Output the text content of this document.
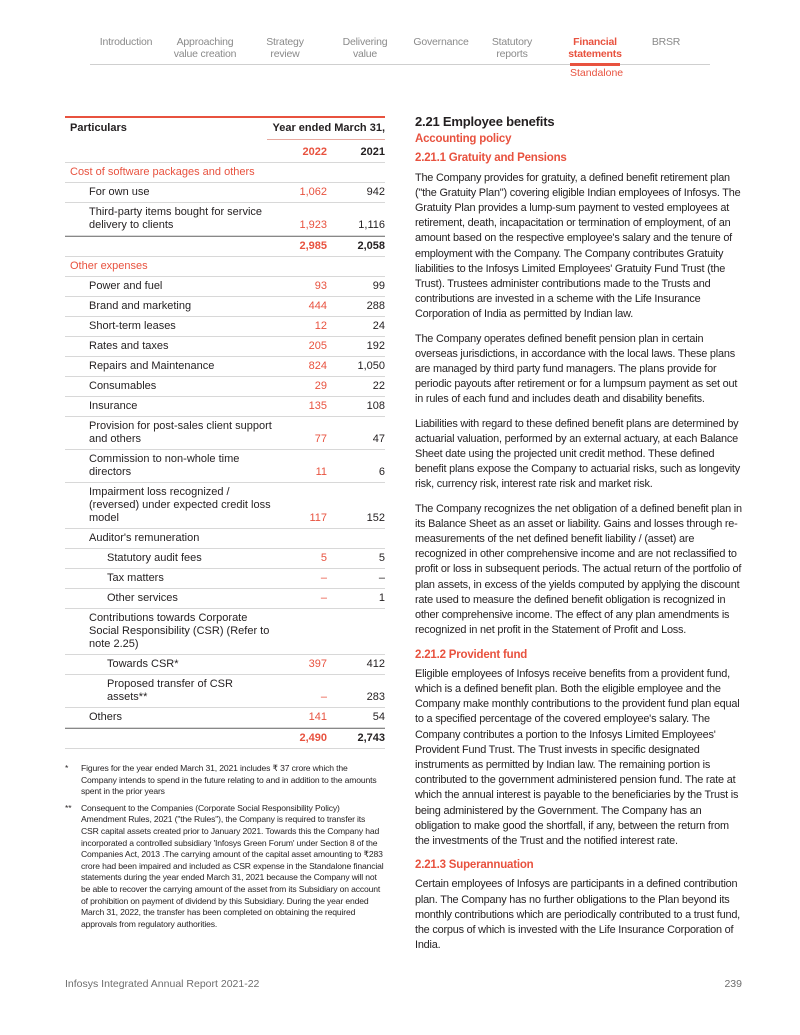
Introduction	Approaching value creation
Strategy review
Delivering value
Governance	Statutory reports
Financial statements
BRSR
Standalone
Particulars	Year ended March 31,
2022	2021
Cost of software packages and others
For own use	1,062	942
Third-party items bought for service delivery to clients	1,923	1,116
2,985	2,058
Other expenses
Power and fuel	93	99
Brand and marketing	444	288
Short-term leases	12	24
Rates and taxes	205	192
Repairs and Maintenance	824	1,050
Consumables	29	22
Insurance	135	108
Provision for post-sales client support and others	77	47
Commission to non-whole time directors	11	6
Impairment loss recognized / (reversed) under expected credit loss model	117	152
Auditor's remuneration
Statutory audit fees	5	5
Tax matters	–	–
Other services	–	1
Contributions towards Corporate Social Responsibility (CSR) (Refer to note 2.25)
Towards CSR*	397	412
Proposed transfer of CSR assets**	–	283
Others	141	54
2,490	2,743
*	Figures for the year ended March 31, 2021 includes ₹ 37 crore which the Company intends to spend in the future relating to and in addition to the amounts spent in the prior years
**	Consequent to the Companies (Corporate Social Responsibility Policy) Amendment Rules, 2021 ("the Rules"), the Company is required to transfer its CSR capital assets created prior to January 2021. Towards this the Company had incorporated a controlled subsidiary 'Infosys Green Forum' under Section 8 of the Companies Act, 2013 .The carrying amount of the capital asset amounting to ₹283 crore had been impaired and included as CSR expense in the Standalone financial statements during the year ended March 31, 2021 because the Company will not be able to recover the carrying amount of the asset from its Subsidiary on account of prohibition on payment of dividend by this Subsidiary. During the year ended March 31, 2022, the transfer has been completed on obtaining the required approvals from regulatory authorities.
2.21 Employee benefits
Accounting policy
2.21.1 Gratuity and Pensions

The Company provides for gratuity, a defined benefit retirement plan ("the Gratuity Plan") covering eligible Indian employees of Infosys. The Gratuity Plan provides a lump-sum payment to vested employees at retirement, death, incapacitation or termination of employment, of an amount based on the respective employee's salary and the tenure of employment with the Company. The Company contributes Gratuity liabilities to the Infosys Limited Employees' Gratuity Fund Trust (the Trust). Trustees administer contributions made to the Trusts and contributions are invested in a scheme with the Life Insurance Corporation of India as permitted by Indian law.

The Company operates defined benefit pension plan in certain overseas jurisdictions, in accordance with the local laws. These plans are managed by third party fund managers. The plans provide for periodic payouts after retirement or for a lumpsum payment as set out in rules of each fund and includes death and disability benefits.

Liabilities with regard to these defined benefit plans are determined by actuarial valuation, performed by an external actuary, at each Balance Sheet date using the projected unit credit method. These defined benefit plans expose the Company to actuarial risks, such as longevity risk, currency risk, interest rate risk and market risk.

The Company recognizes the net obligation of a defined benefit plan in its Balance Sheet as an asset or liability. Gains and losses through re-measurements of the net defined benefit liability / (asset) are recognized in other comprehensive income and are not reclassified to profit or loss in subsequent periods. The actual return of the portfolio of plan assets, in excess of the yields computed by applying the discount rate used to measure the defined benefit obligation is recognized in other comprehensive income. The effect of any plan amendments is recognized in net profit in the Statement of Profit and Loss.

2.21.2 Provident fund

Eligible employees of Infosys receive benefits from a provident fund, which is a defined benefit plan. Both the eligible employee and the Company make monthly contributions to the provident fund plan equal to a specified percentage of the covered employee's salary. The Company contributes a portion to the Infosys Limited Employees' Provident Fund Trust. The Trust invests in specific designated instruments as permitted by Indian law. The remaining portion is contributed to the government administered pension fund. The rate at which the annual interest is payable to the beneficiaries by the Trust is being administered by the Government. The Company has an obligation to make good the shortfall, if any, between the return from the investments of the Trust and the notified interest rate.

2.21.3 Superannuation

Certain employees of Infosys are participants in a defined contribution plan. The Company has no further obligations to the Plan beyond its monthly contributions which are periodically contributed to a trust fund, the corpus of which is invested with the Life Insurance Corporation of India.

Infosys Integrated Annual Report 2021-22	239
